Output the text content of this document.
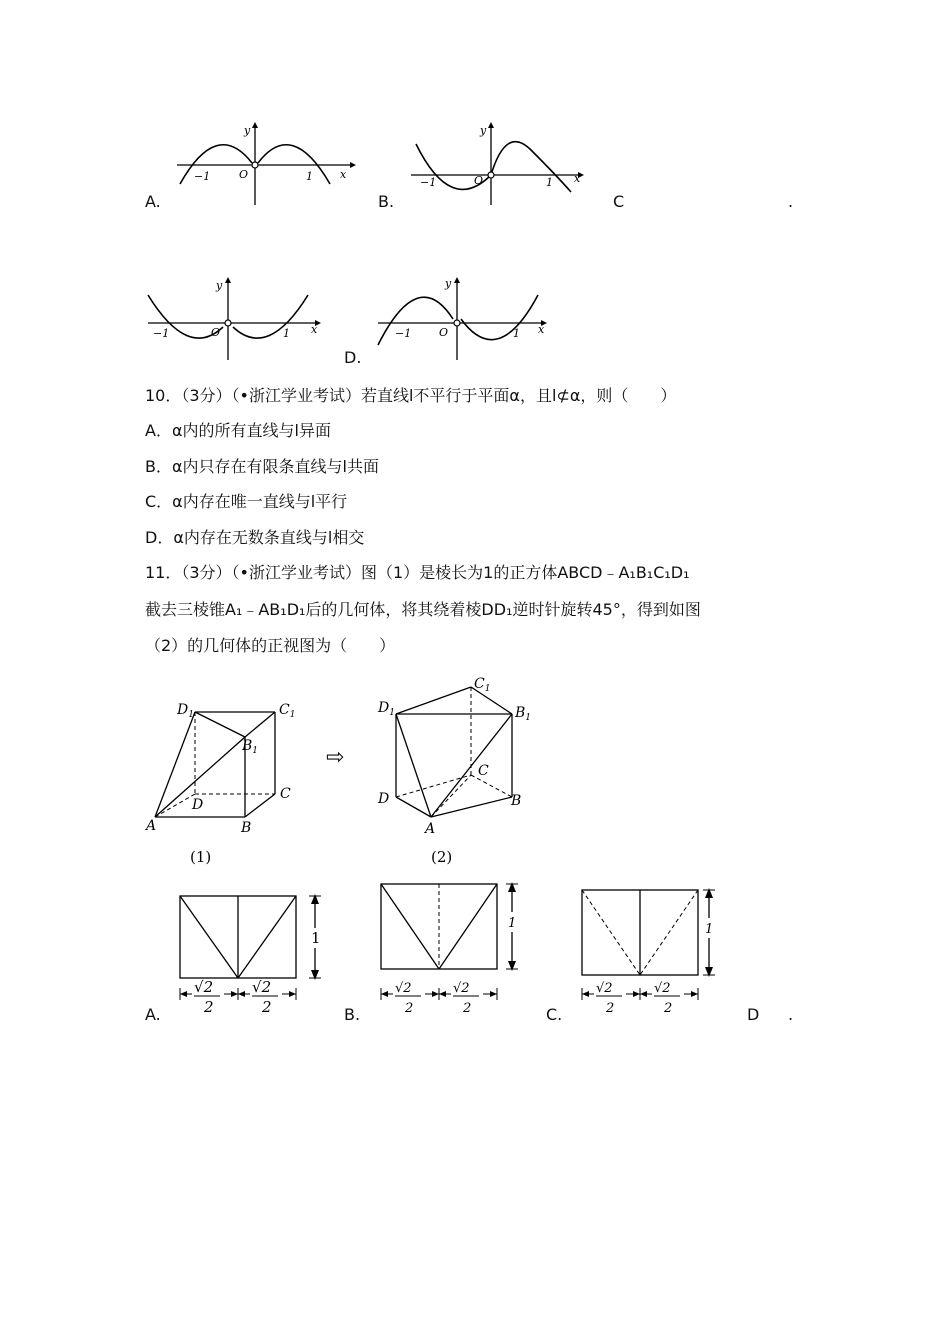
y
x
O
−1	1
A.
y
x
O
−1	1
B.	C	.
y
x
O
−1	1
y
x
O
−1	1
D.
10．（3分）（•浙江学业考试）若直线l不平行于平面α，且l⊄α，则（　　）
A．α内的所有直线与l异面
B．α内只存在有限条直线与l共面
C．α内存在唯一直线与l平行
D．α内存在无数条直线与l相交
11．（3分）（•浙江学业考试）图（1）是棱长为1的正方体ABCD﹣A₁B₁C₁D₁
截去三棱锥A₁﹣AB₁D₁后的几何体，将其绕着棱DD₁逆时针旋转45°，得到如图
（2）的几何体的正视图为（　　）
$D_1$	$C_1$
$B_1$
A
D
C
B
(1)
⇨
$D_1$
$C_1$
$B_1$
C
D	B
A
(2)
1
√2
2
√2
2
A.
1
√2
2
√2
2
B.
1
√2
2
√2
2
C.	D .
